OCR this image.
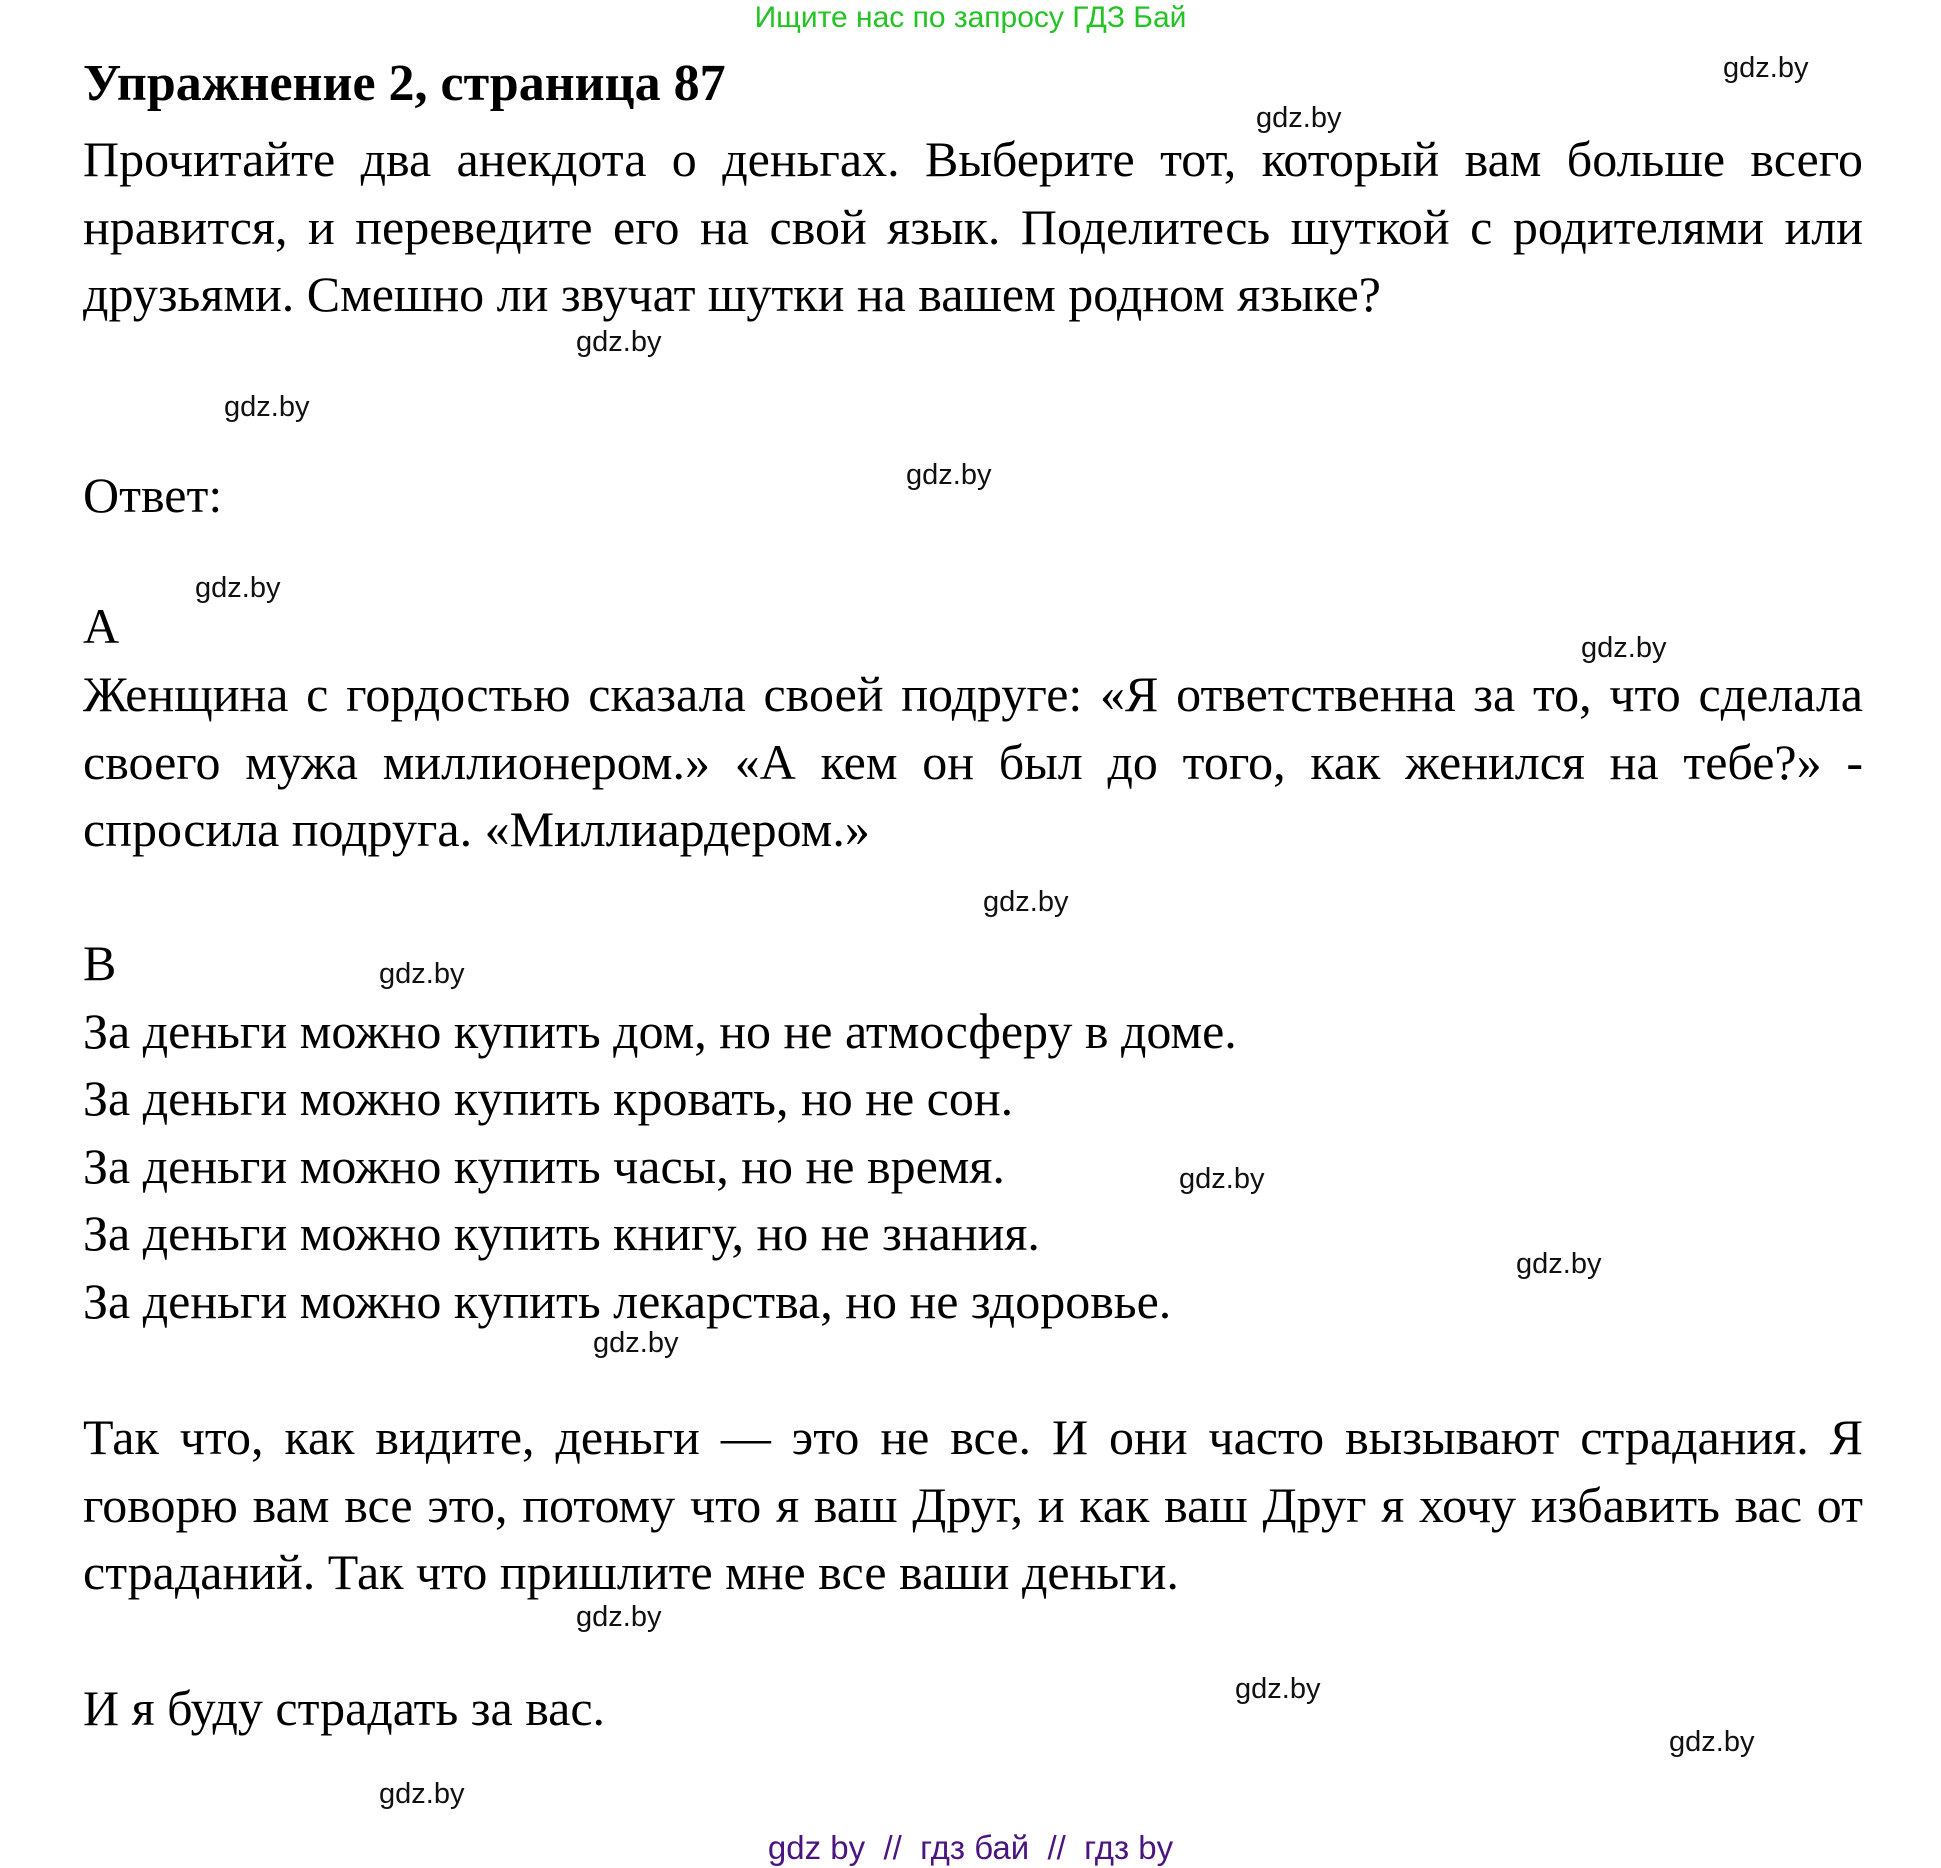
Ищите нас по запросу ГДЗ Бай
Упражнение 2, страница 87

Прочитайте два анекдота о деньгах. Выберите тот, который вам больше всего нравится, и переведите его на свой язык. Поделитесь шуткой с родителями или друзьями. Смешно ли звучат шутки на вашем родном языке?

Ответ:
А

Женщина с гордостью сказала своей подруге: «Я ответственна за то, что сделала своего мужа миллионером.» «А кем он был до того, как женился на тебе?» - спросила подруга. «Миллиардером.»

В
За деньги можно купить дом, но не атмосферу в доме.
За деньги можно купить кровать, но не сон.
За деньги можно купить часы, но не время.
За деньги можно купить книгу, но не знания.
За деньги можно купить лекарства, но не здоровье.

Так что, как видите, деньги — это не все. И они часто вызывают страдания. Я говорю вам все это, потому что я ваш Друг, и как ваш Друг я хочу избавить вас от страданий. Так что пришлите мне все ваши деньги.

И я буду страдать за вас.
gdz.by
gdz.by
gdz.by
gdz.by
gdz.by
gdz.by
gdz.by
gdz.by
gdz.by
gdz.by
gdz.by
gdz.by
gdz.by
gdz.by
gdz.by
gdz.by
gdz by  //  гдз бай  //  гдз by
